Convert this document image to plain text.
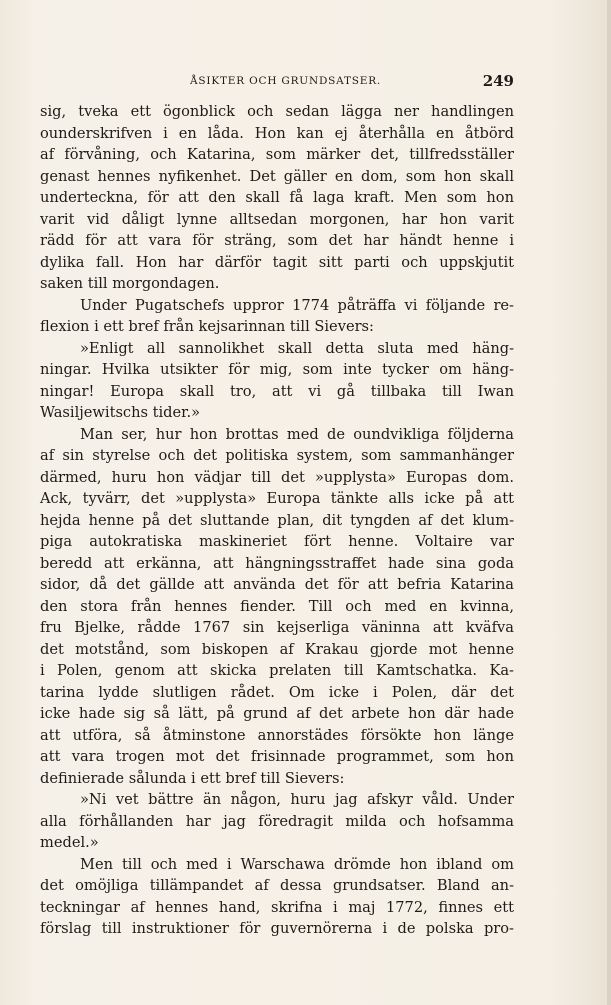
ÅSIKTER OCH GRUNDSATSER.	249
sig, tveka ett ögonblick och sedan lägga ner handlingen
ounderskrifven i en låda. Hon kan ej återhålla en åtbörd
af förvåning, och Katarina, som märker det, tillfredsställer
genast hennes nyfikenhet. Det gäller en dom, som hon skall
underteckna, för att den skall få laga kraft. Men som hon
varit vid dåligt lynne alltsedan morgonen, har hon varit
rädd för att vara för sträng, som det har händt henne i
dylika fall. Hon har därför tagit sitt parti och uppskjutit
saken till morgondagen.
Under Pugatschefs uppror 1774 påträffa vi följande re-
flexion i ett bref från kejsarinnan till Sievers:
»Enligt all sannolikhet skall detta sluta med häng-
ningar. Hvilka utsikter för mig, som inte tycker om häng-
ningar! Europa skall tro, att vi gå tillbaka till Iwan
Wasiljewitschs tider.»
Man ser, hur hon brottas med de oundvikliga följderna
af sin styrelse och det politiska system, som sammanhänger
därmed, huru hon vädjar till det »upplysta» Europas dom.
Ack, tyvärr, det »upplysta» Europa tänkte alls icke på att
hejda henne på det sluttande plan, dit tyngden af det klum-
piga autokratiska maskineriet fört henne. Voltaire var
beredd att erkänna, att hängningsstraffet hade sina goda
sidor, då det gällde att använda det för att befria Katarina
den stora från hennes fiender. Till och med en kvinna,
fru Bjelke, rådde 1767 sin kejserliga väninna att kväfva
det motstånd, som biskopen af Krakau gjorde mot henne
i Polen, genom att skicka prelaten till Kamtschatka. Ka-
tarina lydde slutligen rådet. Om icke i Polen, där det
icke hade sig så lätt, på grund af det arbete hon där hade
att utföra, så åtminstone annorstädes försökte hon länge
att vara trogen mot det frisinnade programmet, som hon
definierade sålunda i ett bref till Sievers:
»Ni vet bättre än någon, huru jag afskyr våld. Under
alla förhållanden har jag föredragit milda och hofsamma
medel.»
Men till och med i Warschawa drömde hon ibland om
det omöjliga tillämpandet af dessa grundsatser. Bland an-
teckningar af hennes hand, skrifna i maj 1772, finnes ett
förslag till instruktioner för guvernörerna i de polska pro-
